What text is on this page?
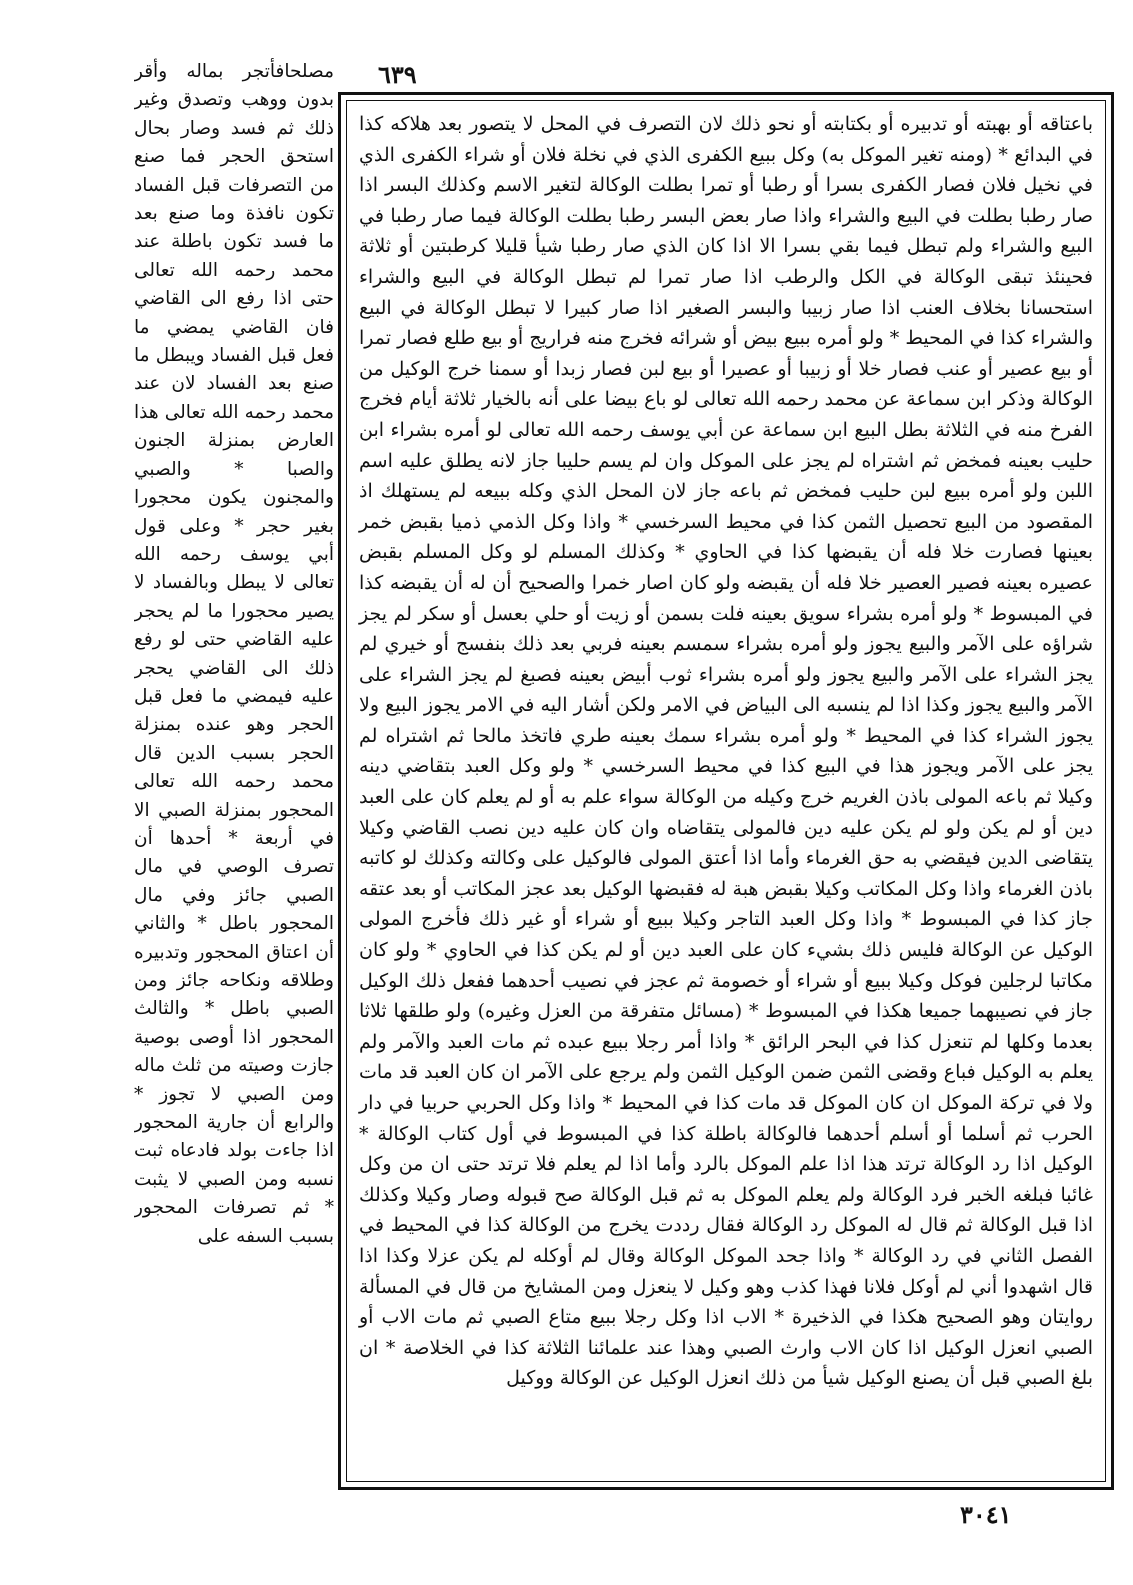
٦٣٩
مصلحافأتجر بماله وأقر بدون ووهب وتصدق وغير ذلك ثم فسد وصار بحال استحق الحجر فما صنع من التصرفات قبل الفساد تكون نافذة وما صنع بعد ما فسد تكون باطلة عند محمد رحمه الله تعالى حتى اذا رفع الى القاضي فان القاضي يمضي ما فعل قبل الفساد ويبطل ما صنع بعد الفساد لان عند محمد رحمه الله تعالى هذا العارض بمنزلة الجنون والصبا * والصبي والمجنون يكون محجورا بغير حجر * وعلى قول أبي يوسف رحمه الله تعالى لا يبطل وبالفساد لا يصير محجورا ما لم يحجر عليه القاضي حتى لو رفع ذلك الى القاضي يحجر عليه فيمضي ما فعل قبل الحجر وهو عنده بمنزلة الحجر بسبب الدين قال محمد رحمه الله تعالى المحجور بمنزلة الصبي الا في أربعة * أحدها أن تصرف الوصي في مال الصبي جائز وفي مال المحجور باطل * والثاني أن اعتاق المحجور وتدبيره وطلاقه ونكاحه جائز ومن الصبي باطل * والثالث المحجور اذا أوصى بوصية جازت وصيته من ثلث ماله ومن الصبي لا تجوز * والرابع أن جارية المحجور اذا جاءت بولد فادعاه ثبت نسبه ومن الصبي لا يثبت * ثم تصرفات المحجور بسبب السفه على

باعتاقه أو بهبته أو تدبيره أو بكتابته أو نحو ذلك لان التصرف في المحل لا يتصور بعد هلاكه كذا في البدائع * (ومنه تغير الموكل به) وكل ببيع الكفرى الذي في نخلة فلان أو شراء الكفرى الذي في نخيل فلان فصار الكفرى بسرا أو رطبا أو تمرا بطلت الوكالة لتغير الاسم وكذلك البسر اذا صار رطبا بطلت في البيع والشراء واذا صار بعض البسر رطبا بطلت الوكالة فيما صار رطبا في البيع والشراء ولم تبطل فيما بقي بسرا الا اذا كان الذي صار رطبا شيأ قليلا كرطبتين أو ثلاثة فحينئذ تبقى الوكالة في الكل والرطب اذا صار تمرا لم تبطل الوكالة في البيع والشراء استحسانا بخلاف العنب اذا صار زبيبا والبسر الصغير اذا صار كبيرا لا تبطل الوكالة في البيع والشراء كذا في المحيط * ولو أمره ببيع بيض أو شرائه فخرج منه فراريج أو بيع طلع فصار تمرا أو بيع عصير أو عنب فصار خلا أو زبيبا أو عصيرا أو بيع لبن فصار زبدا أو سمنا خرج الوكيل من الوكالة وذكر ابن سماعة عن محمد رحمه الله تعالى لو باع بيضا على أنه بالخيار ثلاثة أيام فخرج الفرخ منه في الثلاثة بطل البيع ابن سماعة عن أبي يوسف رحمه الله تعالى لو أمره بشراء ابن حليب بعينه فمخض ثم اشتراه لم يجز على الموكل وان لم يسم حليبا جاز لانه يطلق عليه اسم اللبن ولو أمره ببيع لبن حليب فمخض ثم باعه جاز لان المحل الذي وكله ببيعه لم يستهلك اذ المقصود من البيع تحصيل الثمن كذا في محيط السرخسي * واذا وكل الذمي ذميا بقبض خمر بعينها فصارت خلا فله أن يقبضها كذا في الحاوي * وكذلك المسلم لو وكل المسلم بقبض عصيره بعينه فصير العصير خلا فله أن يقبضه ولو كان اصار خمرا والصحيح أن له أن يقبضه كذا في المبسوط * ولو أمره بشراء سويق بعينه فلت بسمن أو زيت أو حلي بعسل أو سكر لم يجز شراؤه على الآمر والبيع يجوز ولو أمره بشراء سمسم بعينه فربي بعد ذلك بنفسج أو خيري لم يجز الشراء على الآمر والبيع يجوز ولو أمره بشراء ثوب أبيض بعينه فصبغ لم يجز الشراء على الآمر والبيع يجوز وكذا اذا لم ينسبه الى البياض في الامر ولكن أشار اليه في الامر يجوز البيع ولا يجوز الشراء كذا في المحيط * ولو أمره بشراء سمك بعينه طري فاتخذ مالحا ثم اشتراه لم يجز على الآمر ويجوز هذا في البيع كذا في محيط السرخسي * ولو وكل العبد بتقاضي دينه وكيلا ثم باعه المولى باذن الغريم خرج وكيله من الوكالة سواء علم به أو لم يعلم كان على العبد دين أو لم يكن ولو لم يكن عليه دين فالمولى يتقاضاه وان كان عليه دين نصب القاضي وكيلا يتقاضى الدين فيقضي به حق الغرماء وأما اذا أعتق المولى فالوكيل على وكالته وكذلك لو كاتبه باذن الغرماء واذا وكل المكاتب وكيلا بقبض هبة له فقبضها الوكيل بعد عجز المكاتب أو بعد عتقه جاز كذا في المبسوط * واذا وكل العبد التاجر وكيلا ببيع أو شراء أو غير ذلك فأخرج المولى الوكيل عن الوكالة فليس ذلك بشيء كان على العبد دين أو لم يكن كذا في الحاوي * ولو كان مكاتبا لرجلين فوكل وكيلا ببيع أو شراء أو خصومة ثم عجز في نصيب أحدهما ففعل ذلك الوكيل جاز في نصيبهما جميعا هكذا في المبسوط * (مسائل متفرقة من العزل وغيره) ولو طلقها ثلاثا بعدما وكلها لم تنعزل كذا في البحر الرائق * واذا أمر رجلا ببيع عبده ثم مات العبد والآمر ولم يعلم به الوكيل فباع وقضى الثمن ضمن الوكيل الثمن ولم يرجع على الآمر ان كان العبد قد مات ولا في تركة الموكل ان كان الموكل قد مات كذا في المحيط * واذا وكل الحربي حربيا في دار الحرب ثم أسلما أو أسلم أحدهما فالوكالة باطلة كذا في المبسوط في أول كتاب الوكالة * الوكيل اذا رد الوكالة ترتد هذا اذا علم الموكل بالرد وأما اذا لم يعلم فلا ترتد حتى ان من وكل غائبا فبلغه الخبر فرد الوكالة ولم يعلم الموكل به ثم قبل الوكالة صح قبوله وصار وكيلا وكذلك اذا قبل الوكالة ثم قال له الموكل رد الوكالة فقال رددت يخرج من الوكالة كذا في المحيط في الفصل الثاني في رد الوكالة * واذا جحد الموكل الوكالة وقال لم أوكله لم يكن عزلا وكذا اذا قال اشهدوا أني لم أوكل فلانا فهذا كذب وهو وكيل لا ينعزل ومن المشايخ من قال في المسألة روايتان وهو الصحيح هكذا في الذخيرة * الاب اذا وكل رجلا ببيع متاع الصبي ثم مات الاب أو الصبي انعزل الوكيل اذا كان الاب وارث الصبي وهذا عند علمائنا الثلاثة كذا في الخلاصة * ان بلغ الصبي قبل أن يصنع الوكيل شيأ من ذلك انعزل الوكيل عن الوكالة ووكيل

٣٠٤١
